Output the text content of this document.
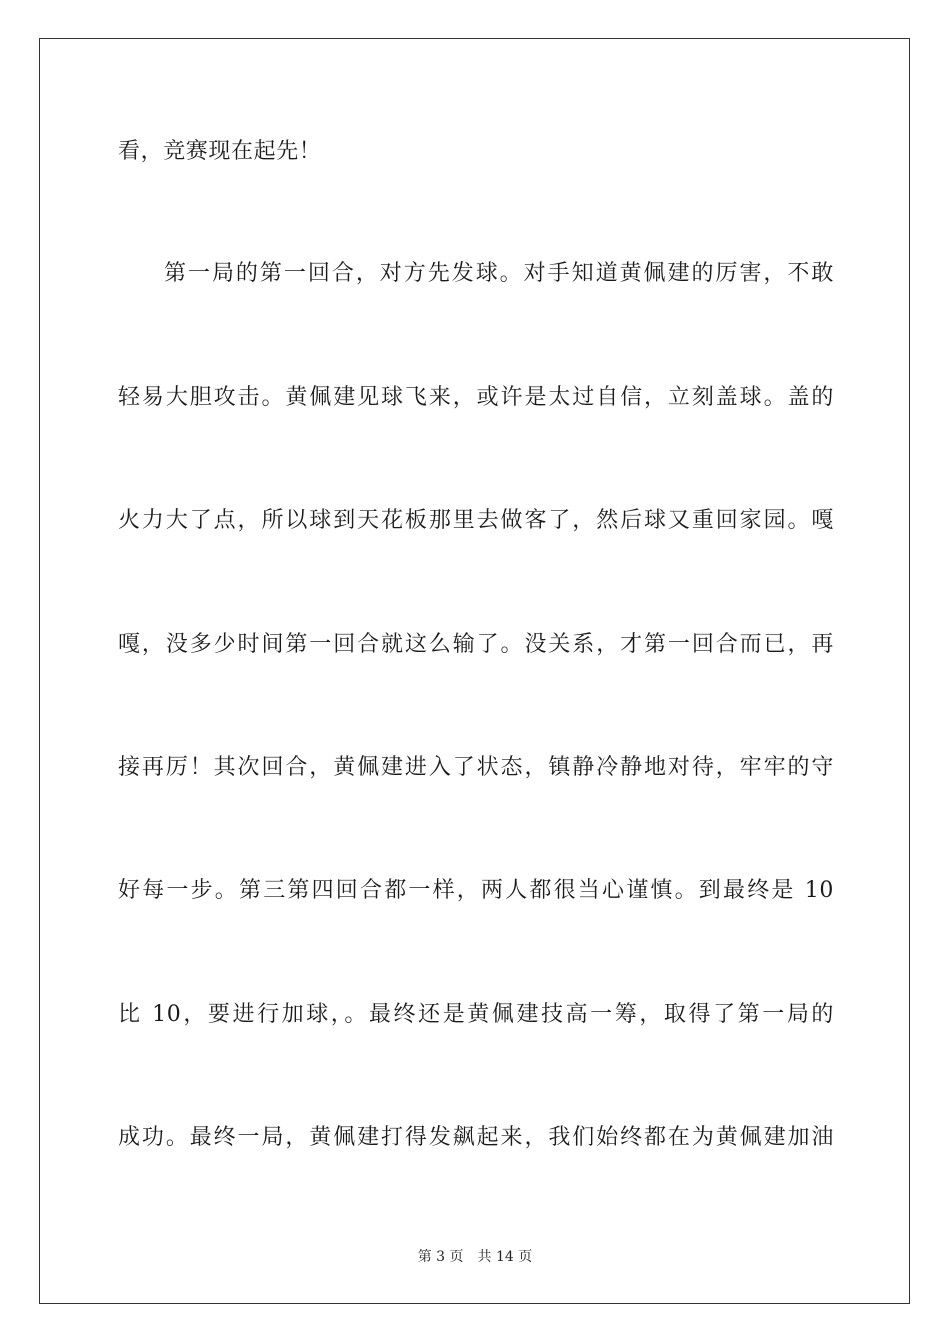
看，竞赛现在起先！
第一局的第一回合，对方先发球。对手知道黄佩建的厉害，不敢
轻易大胆攻击。黄佩建见球飞来，或许是太过自信，立刻盖球。盖的
火力大了点，所以球到天花板那里去做客了，然后球又重回家园。嘎
嘎，没多少时间第一回合就这么输了。没关系，才第一回合而已，再
接再厉！其次回合，黄佩建进入了状态，镇静冷静地对待，牢牢的守
好每一步。第三第四回合都一样，两人都很当心谨慎。到最终是 10
比 10，要进行加球，。最终还是黄佩建技高一筹，取得了第一局的
成功。最终一局，黄佩建打得发飙起来，我们始终都在为黄佩建加油
第 3 页 共 14 页
